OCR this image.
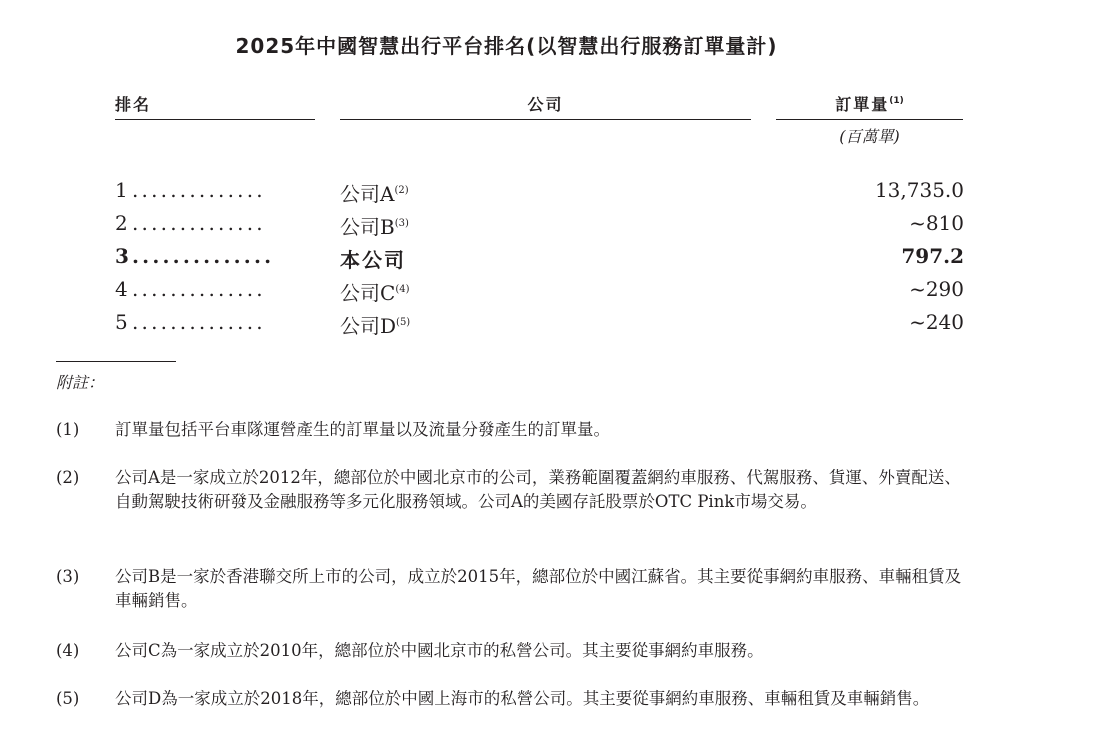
2025年中國智慧出行平台排名(以智慧出行服務訂單量計)
排名	公司	訂單量$^{(1)}$
(百萬單)
1 ..............	公司$A^{(2)}$	13,735.0
2 ..............	公司$B^{(3)}$	~810
3 ..............	本公司	797.2
4 ..............	公司$C^{(4)}$	~290
5 ..............	公司$D^{(5)}$	~240
附註：
(1) 訂單量包括平台車隊運營產生的訂單量以及流量分發產生的訂單量。
(2) 公司A是一家成立於2012年，總部位於中國北京市的公司，業務範圍覆蓋網約車服務、代駕服務、貨運、外賣配送、自動駕駛技術研發及金融服務等多元化服務領域。公司A的美國存託股票於OTC Pink市場交易。
(3) 公司B是一家於香港聯交所上市的公司，成立於2015年，總部位於中國江蘇省。其主要從事網約車服務、車輛租賃及車輛銷售。
(4) 公司C為一家成立於2010年，總部位於中國北京市的私營公司。其主要從事網約車服務。
(5) 公司D為一家成立於2018年，總部位於中國上海市的私營公司。其主要從事網約車服務、車輛租賃及車輛銷售。
